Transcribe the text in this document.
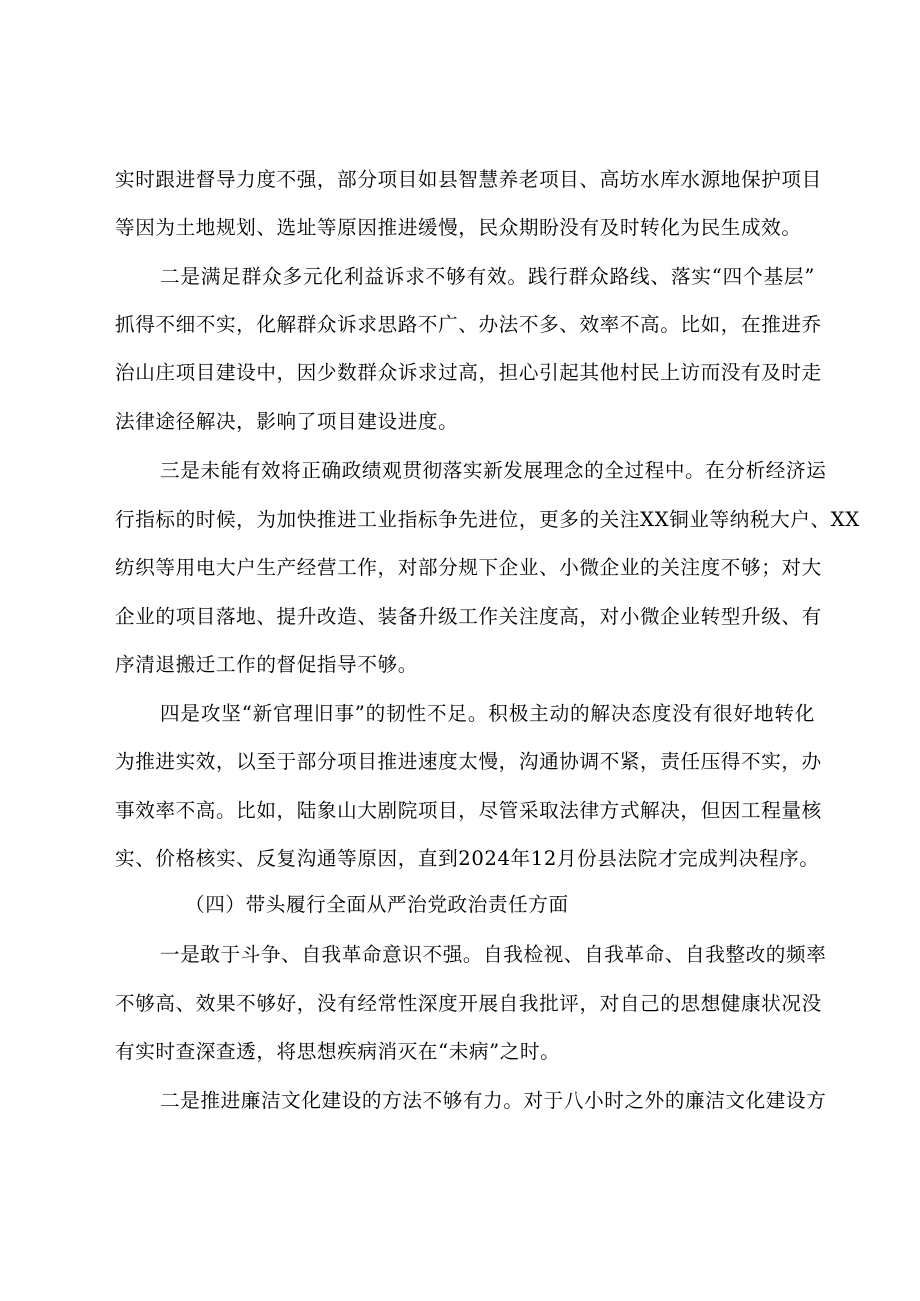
实时跟进督导力度不强，部分项目如县智慧养老项目、高坊水库水源地保护项目
等因为土地规划、选址等原因推进缓慢，民众期盼没有及时转化为民生成效。
二是满足群众多元化利益诉求不够有效。践行群众路线、落实“四个基层”
抓得不细不实，化解群众诉求思路不广、办法不多、效率不高。比如，在推进乔
治山庄项目建设中，因少数群众诉求过高，担心引起其他村民上访而没有及时走
法律途径解决，影响了项目建设进度。
三是未能有效将正确政绩观贯彻落实新发展理念的全过程中。在分析经济运
行指标的时候，为加快推进工业指标争先进位，更多的关注XX铜业等纳税大户、XX
纺织等用电大户生产经营工作，对部分规下企业、小微企业的关注度不够；对大
企业的项目落地、提升改造、装备升级工作关注度高，对小微企业转型升级、有
序清退搬迁工作的督促指导不够。
四是攻坚“新官理旧事”的韧性不足。积极主动的解决态度没有很好地转化
为推进实效，以至于部分项目推进速度太慢，沟通协调不紧，责任压得不实，办
事效率不高。比如，陆象山大剧院项目，尽管采取法律方式解决，但因工程量核
实、价格核实、反复沟通等原因，直到2024年12月份县法院才完成判决程序。
（四）带头履行全面从严治党政治责任方面
一是敢于斗争、自我革命意识不强。自我检视、自我革命、自我整改的频率
不够高、效果不够好，没有经常性深度开展自我批评，对自己的思想健康状况没
有实时查深查透，将思想疾病消灭在“未病”之时。
二是推进廉洁文化建设的方法不够有力。对于八小时之外的廉洁文化建设方
